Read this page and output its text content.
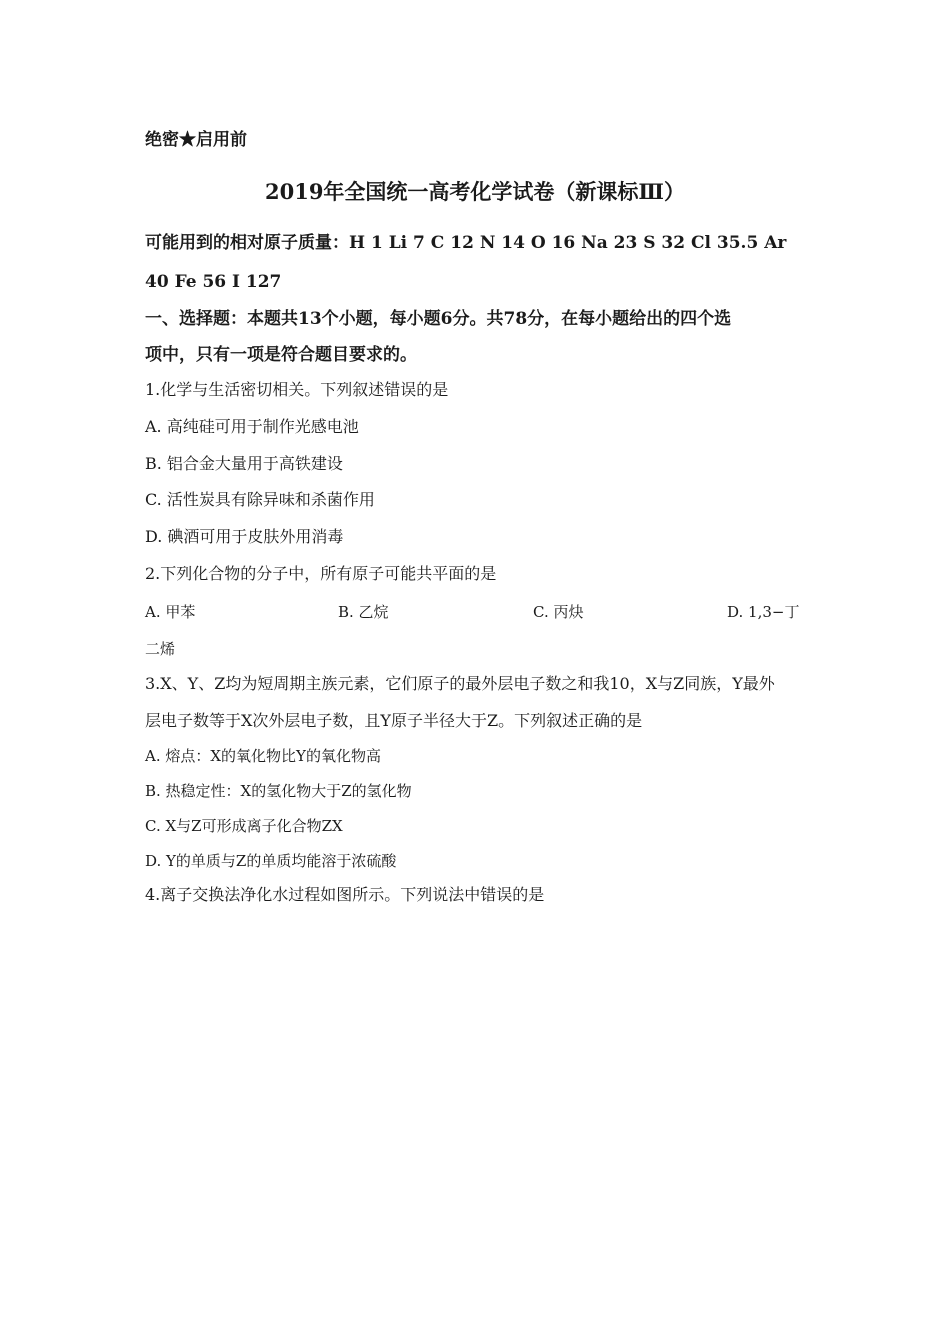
绝密★启用前
2019年全国统一高考化学试卷（新课标Ⅲ）
可能用到的相对原子质量：H 1 Li 7 C 12 N 14 O 16 Na 23 S 32 Cl 35.5 Ar
40 Fe 56 I 127
一、选择题：本题共13个小题，每小题6分。共78分，在每小题给出的四个选
项中，只有一项是符合题目要求的。
1.化学与生活密切相关。下列叙述错误的是
A. 高纯硅可用于制作光感电池
B. 铝合金大量用于高铁建设
C. 活性炭具有除异味和杀菌作用
D. 碘酒可用于皮肤外用消毒
2.下列化合物的分子中，所有原子可能共平面的是
A. 甲苯	B. 乙烷	C. 丙炔	D. 1,3−丁
二烯
3.X、Y、Z均为短周期主族元素，它们原子的最外层电子数之和我10，X与Z同族，Y最外
层电子数等于X次外层电子数，且Y原子半径大于Z。下列叙述正确的是
A. 熔点：X的氧化物比Y的氧化物高
B. 热稳定性：X的氢化物大于Z的氢化物
C. X与Z可形成离子化合物ZX
D. Y的单质与Z的单质均能溶于浓硫酸
4.离子交换法净化水过程如图所示。下列说法中错误的是
